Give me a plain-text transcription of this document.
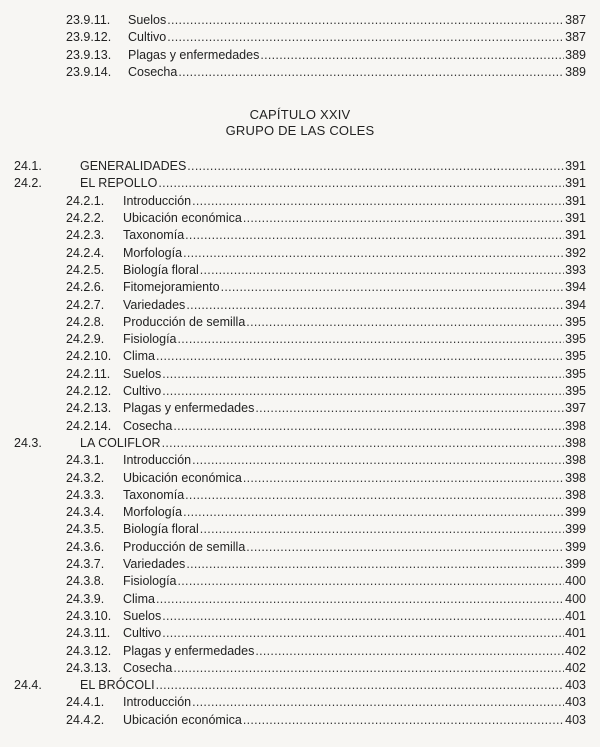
23.9.11.	Suelos .....	387
23.9.12.	Cultivo .....	387
23.9.13.	Plagas y enfermedades .....	389
23.9.14.	Cosecha .....	389
CAPÍTULO XXIV
GRUPO DE LAS COLES
24.1.	GENERALIDADES .....	391
24.2.	EL REPOLLO .....	391
24.2.1.	Introducción .....	391
24.2.2.	Ubicación económica .....	391
24.2.3.	Taxonomía .....	391
24.2.4.	Morfología .....	392
24.2.5.	Biología floral .....	393
24.2.6.	Fitomejoramiento .....	394
24.2.7.	Variedades .....	394
24.2.8.	Producción de semilla .....	395
24.2.9.	Fisiología .....	395
24.2.10. Clima .....	395
24.2.11.	Suelos .....	395
24.2.12. Cultivo .....	395
24.2.13. Plagas y enfermedades .....	397
24.2.14. Cosecha .....	398
24.3.	LA COLIFLOR .....	398
24.3.1.	Introducción .....	398
24.3.2.	Ubicación económica .....	398
24.3.3.	Taxonomía .....	398
24.3.4.	Morfología .....	399
24.3.5.	Biología floral .....	399
24.3.6.	Producción de semilla .....	399
24.3.7.	Variedades .....	399
24.3.8.	Fisiología .....	400
24.3.9.	Clima .....	400
24.3.10. Suelos .....	401
24.3.11.	Cultivo .....	401
24.3.12. Plagas y enfermedades .....	402
24.3.13. Cosecha .....	402
24.4.	EL BRÓCOLI .....	403
24.4.1.	Introducción .....	403
24.4.2.	Ubicación económica .....	403
